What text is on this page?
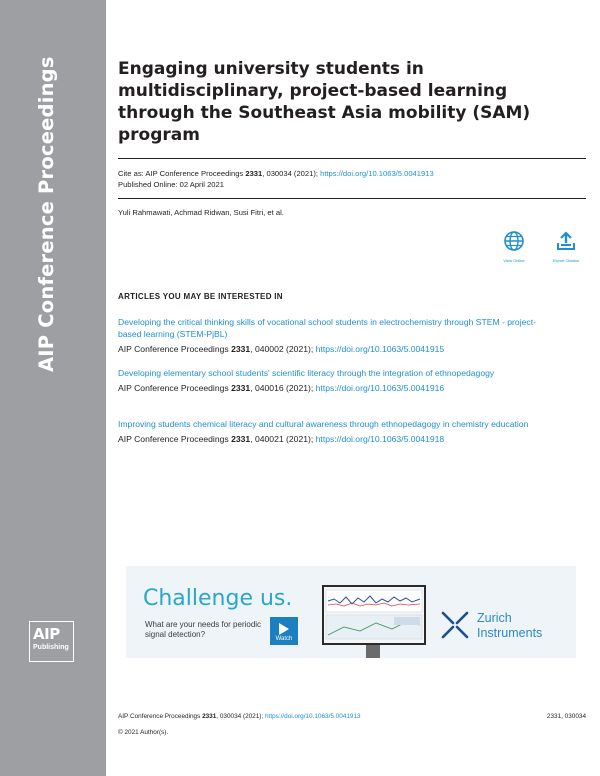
AIP Conference Proceedings
AIP
Publishing
Engaging university students in multidisciplinary, project-based learning through the Southeast Asia mobility (SAM) program
Cite as: AIP Conference Proceedings 2331, 030034 (2021); https://doi.org/10.1063/5.0041913
Published Online: 02 April 2021
Yuli Rahmawati, Achmad Ridwan, Susi Fitri, et al.
View Online	Export Citation
ARTICLES YOU MAY BE INTERESTED IN
Developing the critical thinking skills of vocational school students in electrochemistry through STEM - project-based learning (STEM-PjBL)
AIP Conference Proceedings 2331, 040002 (2021); https://doi.org/10.1063/5.0041915
Developing elementary school students' scientific literacy through the integration of ethnopedagogy
AIP Conference Proceedings 2331, 040016 (2021); https://doi.org/10.1063/5.0041916
Improving students chemical literacy and cultural awareness through ethnopedagogy in chemistry education
AIP Conference Proceedings 2331, 040021 (2021); https://doi.org/10.1063/5.0041918
Challenge us.
What are your needs for periodic signal detection?	Watch
Zurich
Instruments
AIP Conference Proceedings 2331, 030034 (2021); https://doi.org/10.1063/5.0041913	2331, 030034
© 2021 Author(s).
